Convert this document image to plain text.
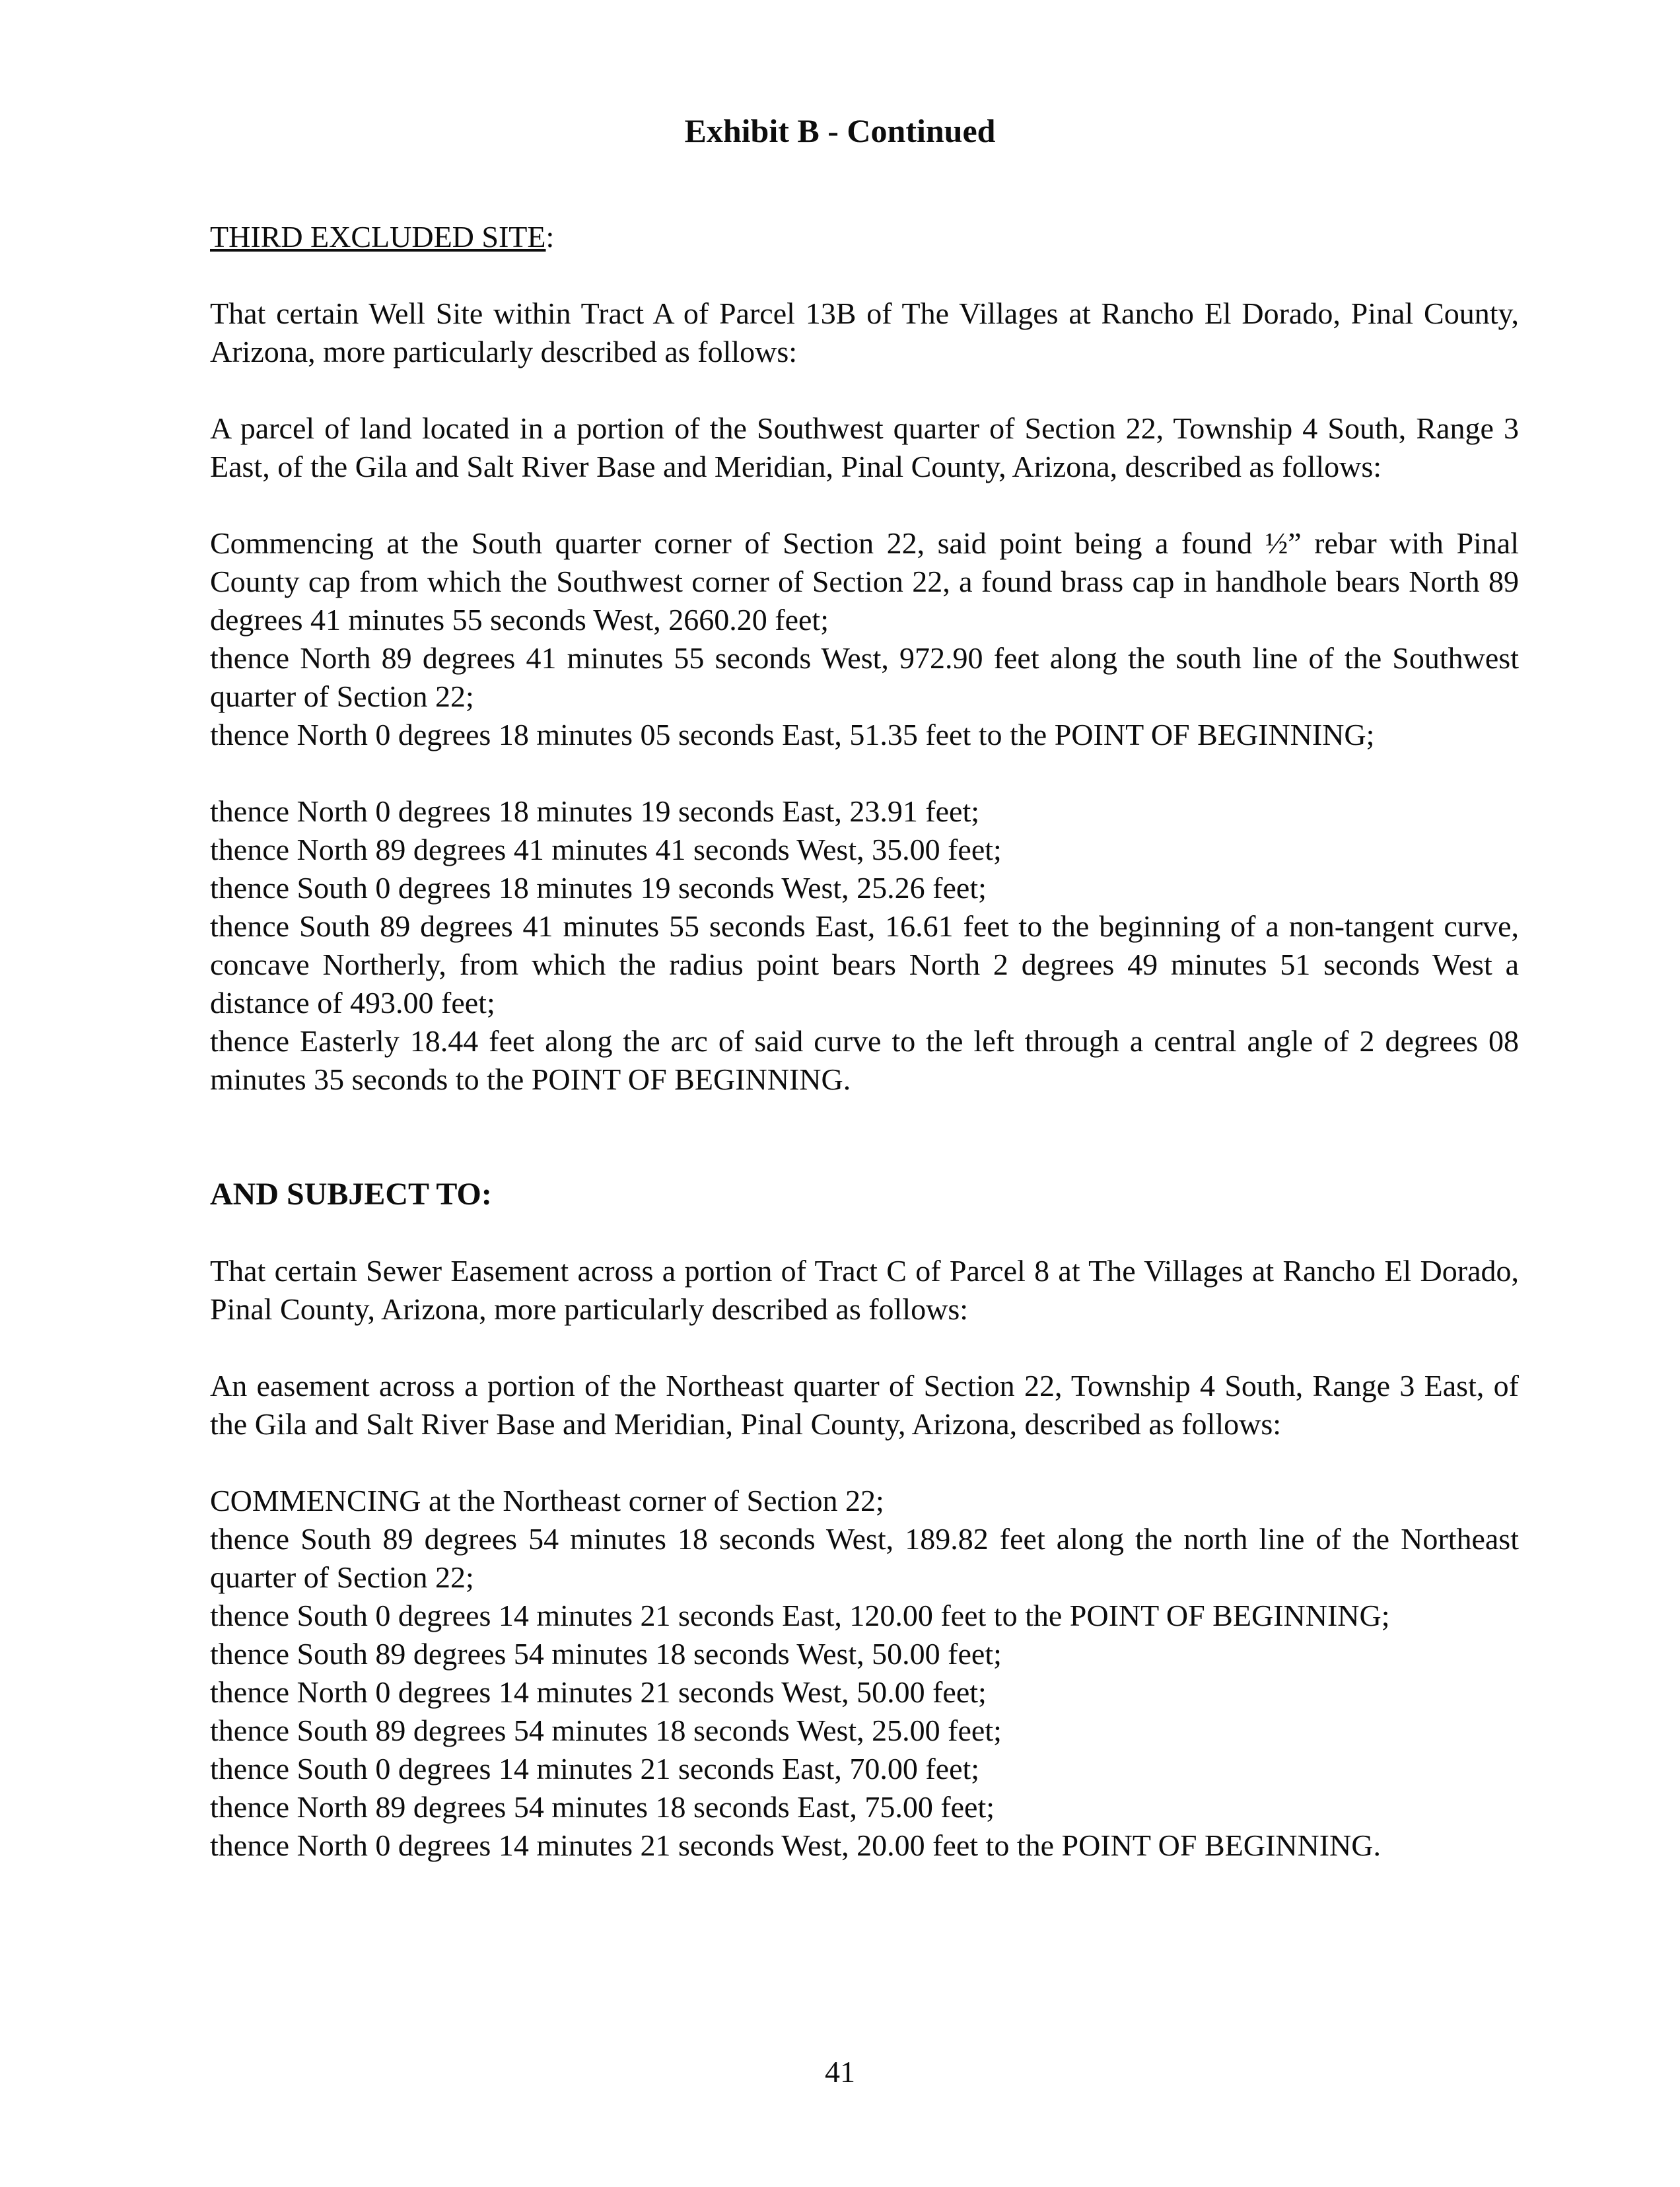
Exhibit B - Continued

THIRD EXCLUDED SITE:

That certain Well Site within Tract A of Parcel 13B of The Villages at Rancho El Dorado, Pinal County, Arizona, more particularly described as follows:

A parcel of land located in a portion of the Southwest quarter of Section 22, Township 4 South, Range 3 East, of the Gila and Salt River Base and Meridian, Pinal County, Arizona, described as follows:

Commencing at the South quarter corner of Section 22, said point being a found ½” rebar with Pinal County cap from which the Southwest corner of Section 22, a found brass cap in handhole bears North 89 degrees 41 minutes 55 seconds West, 2660.20 feet;

thence North 89 degrees 41 minutes 55 seconds West, 972.90 feet along the south line of the Southwest quarter of Section 22;

thence North 0 degrees 18 minutes 05 seconds East, 51.35 feet to the POINT OF BEGINNING;

thence North 0 degrees 18 minutes 19 seconds East, 23.91 feet;

thence North 89 degrees 41 minutes 41 seconds West, 35.00 feet;

thence South 0 degrees 18 minutes 19 seconds West, 25.26 feet;

thence South 89 degrees 41 minutes 55 seconds East, 16.61 feet to the beginning of a non-tangent curve, concave Northerly, from which the radius point bears North 2 degrees 49 minutes 51 seconds West a distance of 493.00 feet;

thence Easterly 18.44 feet along the arc of said curve to the left through a central angle of 2 degrees 08 minutes 35 seconds to the POINT OF BEGINNING.

AND SUBJECT TO:

That certain Sewer Easement across a portion of Tract C of Parcel 8 at The Villages at Rancho El Dorado, Pinal County, Arizona, more particularly described as follows:

An easement across a portion of the Northeast quarter of Section 22, Township 4 South, Range 3 East, of the Gila and Salt River Base and Meridian, Pinal County, Arizona, described as follows:

COMMENCING at the Northeast corner of Section 22;

thence South 89 degrees 54 minutes 18 seconds West, 189.82 feet along the north line of the Northeast quarter of Section 22;

thence South 0 degrees 14 minutes 21 seconds East, 120.00 feet to the POINT OF BEGINNING;

thence South 89 degrees 54 minutes 18 seconds West, 50.00 feet;

thence North 0 degrees 14 minutes 21 seconds West, 50.00 feet;

thence South 89 degrees 54 minutes 18 seconds West, 25.00 feet;

thence South 0 degrees 14 minutes 21 seconds East, 70.00 feet;

thence North 89 degrees 54 minutes 18 seconds East, 75.00 feet;

thence North 0 degrees 14 minutes 21 seconds West, 20.00 feet to the POINT OF BEGINNING.

41
